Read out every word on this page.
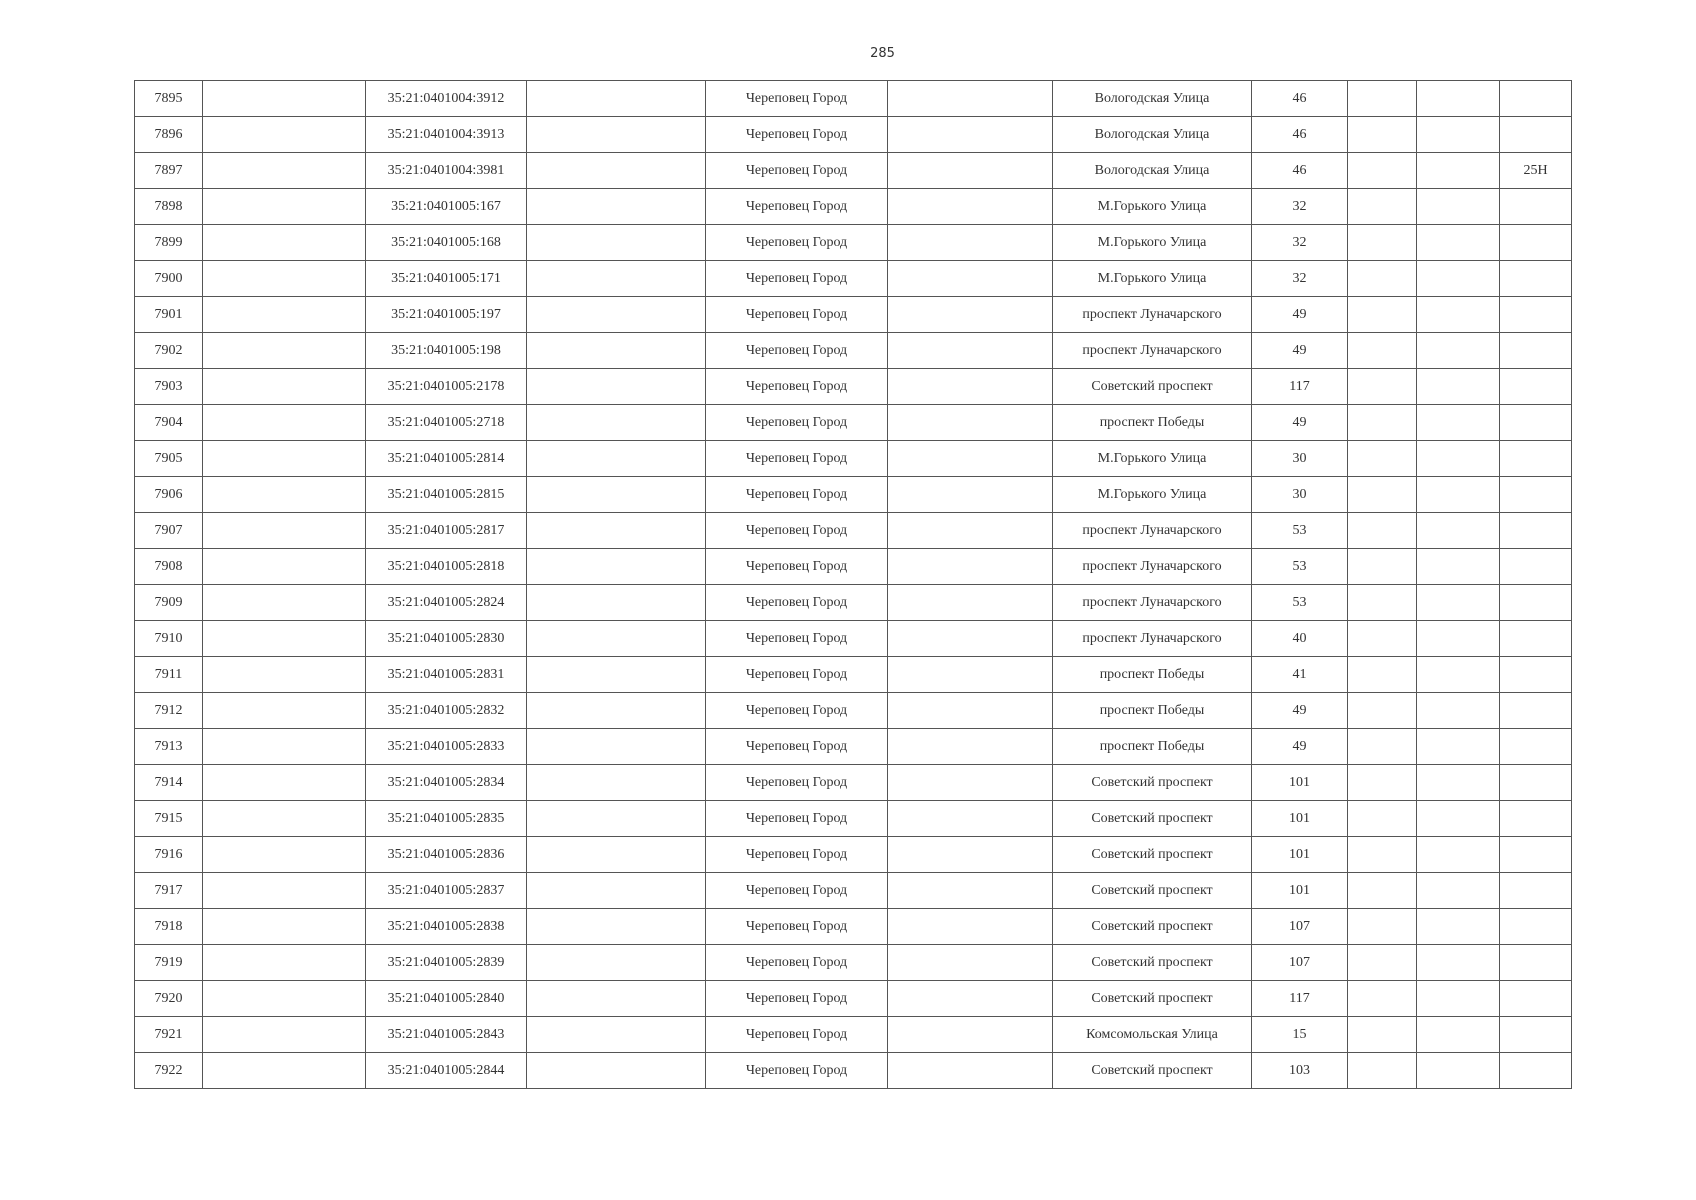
285
7895		35:21:0401004:3912		Череповец Город		Вологодская Улица	46			
7896		35:21:0401004:3913		Череповец Город		Вологодская Улица	46			
7897		35:21:0401004:3981		Череповец Город		Вологодская Улица	46			25Н
7898		35:21:0401005:167		Череповец Город		М.Горького Улица	32			
7899		35:21:0401005:168		Череповец Город		М.Горького Улица	32			
7900		35:21:0401005:171		Череповец Город		М.Горького Улица	32			
7901		35:21:0401005:197		Череповец Город		проспект Луначарского	49			
7902		35:21:0401005:198		Череповец Город		проспект Луначарского	49			
7903		35:21:0401005:2178		Череповец Город		Советский проспект	117			
7904		35:21:0401005:2718		Череповец Город		проспект Победы	49			
7905		35:21:0401005:2814		Череповец Город		М.Горького Улица	30			
7906		35:21:0401005:2815		Череповец Город		М.Горького Улица	30			
7907		35:21:0401005:2817		Череповец Город		проспект Луначарского	53			
7908		35:21:0401005:2818		Череповец Город		проспект Луначарского	53			
7909		35:21:0401005:2824		Череповец Город		проспект Луначарского	53			
7910		35:21:0401005:2830		Череповец Город		проспект Луначарского	40			
7911		35:21:0401005:2831		Череповец Город		проспект Победы	41			
7912		35:21:0401005:2832		Череповец Город		проспект Победы	49			
7913		35:21:0401005:2833		Череповец Город		проспект Победы	49			
7914		35:21:0401005:2834		Череповец Город		Советский проспект	101			
7915		35:21:0401005:2835		Череповец Город		Советский проспект	101			
7916		35:21:0401005:2836		Череповец Город		Советский проспект	101			
7917		35:21:0401005:2837		Череповец Город		Советский проспект	101			
7918		35:21:0401005:2838		Череповец Город		Советский проспект	107			
7919		35:21:0401005:2839		Череповец Город		Советский проспект	107			
7920		35:21:0401005:2840		Череповец Город		Советский проспект	117			
7921		35:21:0401005:2843		Череповец Город		Комсомольская Улица	15			
7922		35:21:0401005:2844		Череповец Город		Советский проспект	103			
